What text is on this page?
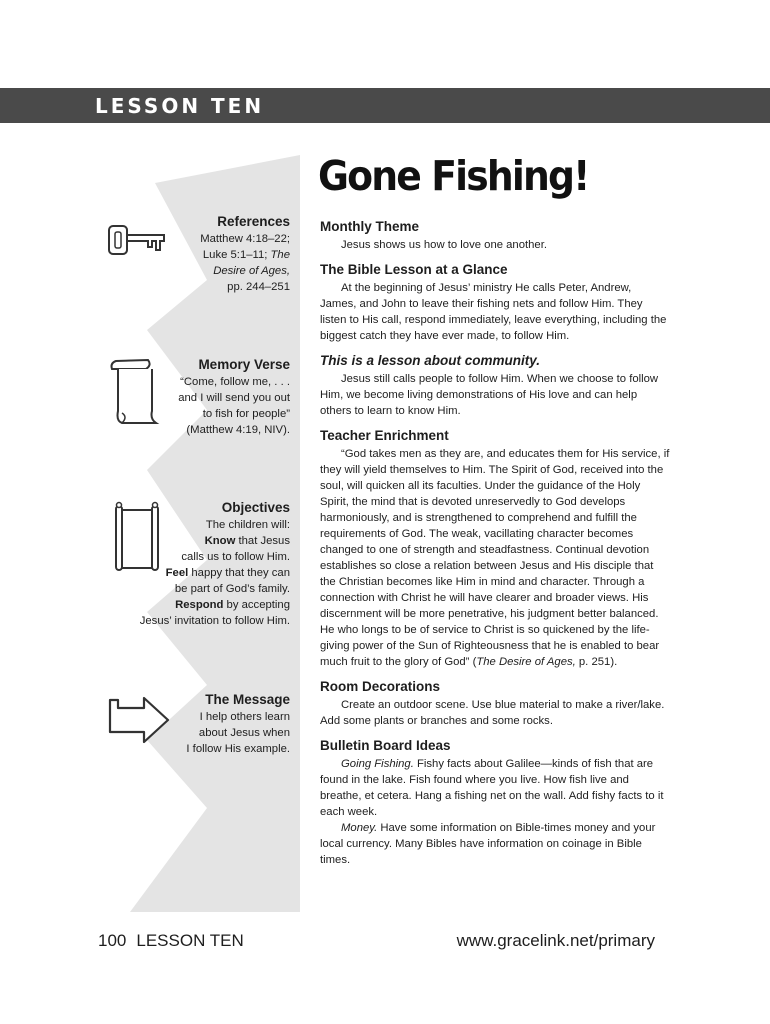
LESSON TEN
Gone Fishing!
References

Matthew 4:18–22;

Luke 5:1–11; The

Desire of Ages,

pp. 244–251

Memory Verse

“Come, follow me, . . .

and I will send you out

to fish for people”

(Matthew 4:19, NIV).

Objectives

The children will:

Know that Jesus

calls us to follow Him.

Feel happy that they can

be part of God’s family.

Respond by accepting

Jesus’ invitation to follow Him.

The Message

I help others learn

about Jesus when

I follow His example.

Monthly Theme

Jesus shows us how to love one another.

The Bible Lesson at a Glance

At the beginning of Jesus’ ministry He calls Peter, Andrew, James, and John to leave their fishing nets and follow Him. They listen to His call, respond immediately, leave everything, including the biggest catch they have ever made, to follow Him.

This is a lesson about community.

Jesus still calls people to follow Him. When we choose to follow Him, we become living demonstrations of His love and can help others to learn to know Him.

Teacher Enrichment

“God takes men as they are, and educates them for His service, if they will yield themselves to Him. The Spirit of God, received into the soul, will quicken all its faculties. Under the guidance of the Holy Spirit, the mind that is devoted unreservedly to God develops harmoniously, and is strengthened to comprehend and fulfill the requirements of God. The weak, vacillating character becomes changed to one of strength and steadfastness. Continual devotion establishes so close a relation between Jesus and His disciple that the Christian becomes like Him in mind and character. Through a connection with Christ he will have clearer and broader views. His discernment will be more penetrative, his judgment better balanced. He who longs to be of service to Christ is so quickened by the life-giving power of the Sun of Righteousness that he is enabled to bear much fruit to the glory of God” (The Desire of Ages, p. 251).

Room Decorations

Create an outdoor scene. Use blue material to make a river/lake. Add some plants or branches and some rocks.

Bulletin Board Ideas

Going Fishing. Fishy facts about Galilee—kinds of fish that are found in the lake. Fish found where you live. How fish live and breathe, et cetera. Hang a fishing net on the wall. Add fishy facts to it each week.

Money. Have some information on Bible-times money and your local currency. Many Bibles have information on coinage in Bible times.

100 LESSON TEN	www.gracelink.net/primary
